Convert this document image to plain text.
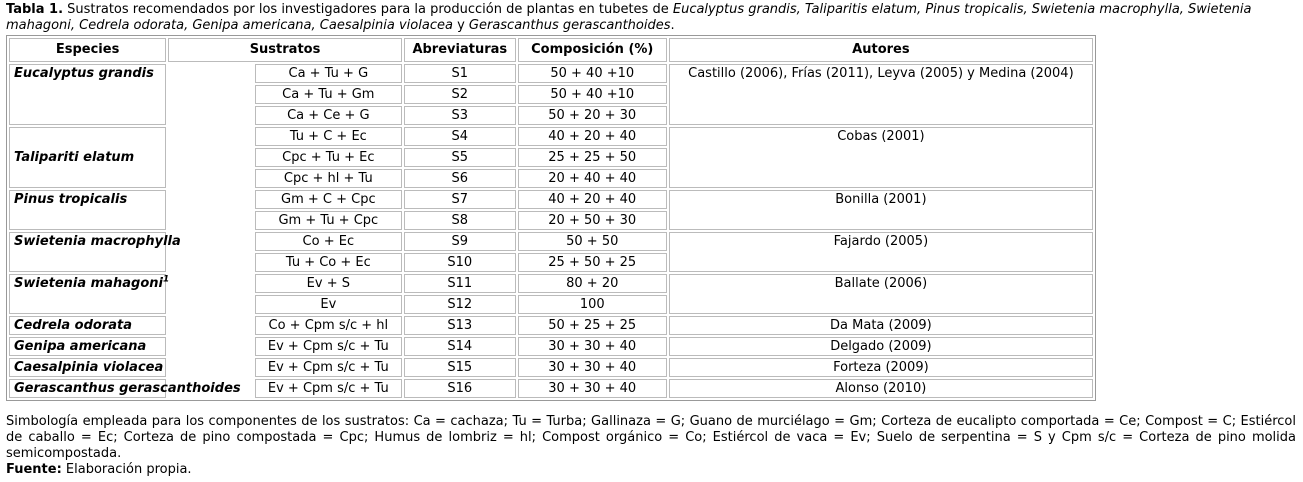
Tabla 1. Sustratos recomendados por los investigadores para la producción de plantas en tubetes de Eucalyptus grandis, Taliparitis elatum, Pinus tropicalis, Swietenia macrophylla, Swietenia mahagoni, Cedrela odorata, Genipa americana, Caesalpinia violacea y Gerascanthus gerascanthoides.
Especies	Sustratos		Abreviaturas	Composición (%)	Autores
Eucalyptus grandis		Ca + Tu + G	S1	50 + 40 +10	Castillo (2006), Frías (2011), Leyva (2005) y Medina (2004)
		Ca + Tu + Gm	S2	50 + 40 +10	
		Ca + Ce + G	S3	50 + 20 + 30	
Talipariti elatum		Tu + C + Ec	S4	40 + 20 + 40	Cobas (2001)
		Cpc + Tu + Ec	S5	25 + 25 + 50	
		Cpc + hl + Tu	S6	20 + 40 + 40	
Pinus tropicalis		Gm + C + Cpc	S7	40 + 20 + 40	Bonilla (2001)
		Gm + Tu + Cpc	S8	20 + 50 + 30	
Swietenia macrophylla		Co + Ec	S9	50 + 50	Fajardo (2005)
		Tu + Co + Ec	S10	25 + 50 + 25	
Swietenia mahagoni$^1$		Ev + S	S11	80 + 20	Ballate (2006)
		Ev	S12	100	
Cedrela odorata		Co + Cpm s/c + hl	S13	50 + 25 + 25	Da Mata (2009)
Genipa americana		Ev + Cpm s/c + Tu	S14	30 + 30 + 40	Delgado (2009)
Caesalpinia violacea		Ev + Cpm s/c + Tu	S15	30 + 30 + 40	Forteza (2009)
Gerascanthus gerascanthoides		Ev + Cpm s/c + Tu	S16	30 + 30 + 40	Alonso (2010)
Simbología empleada para los componentes de los sustratos: Ca = cachaza; Tu = Turba; Gallinaza = G; Guano de murciélago = Gm; Corteza de eucalipto comportada = Ce; Compost = C; Estiércol de caballo = Ec; Corteza de pino compostada = Cpc; Humus de lombriz = hl; Compost orgánico = Co; Estiércol de vaca = Ev; Suelo de serpentina = S y Cpm s/c = Corteza de pino molida semicompostada.
Fuente: Elaboración propia.
